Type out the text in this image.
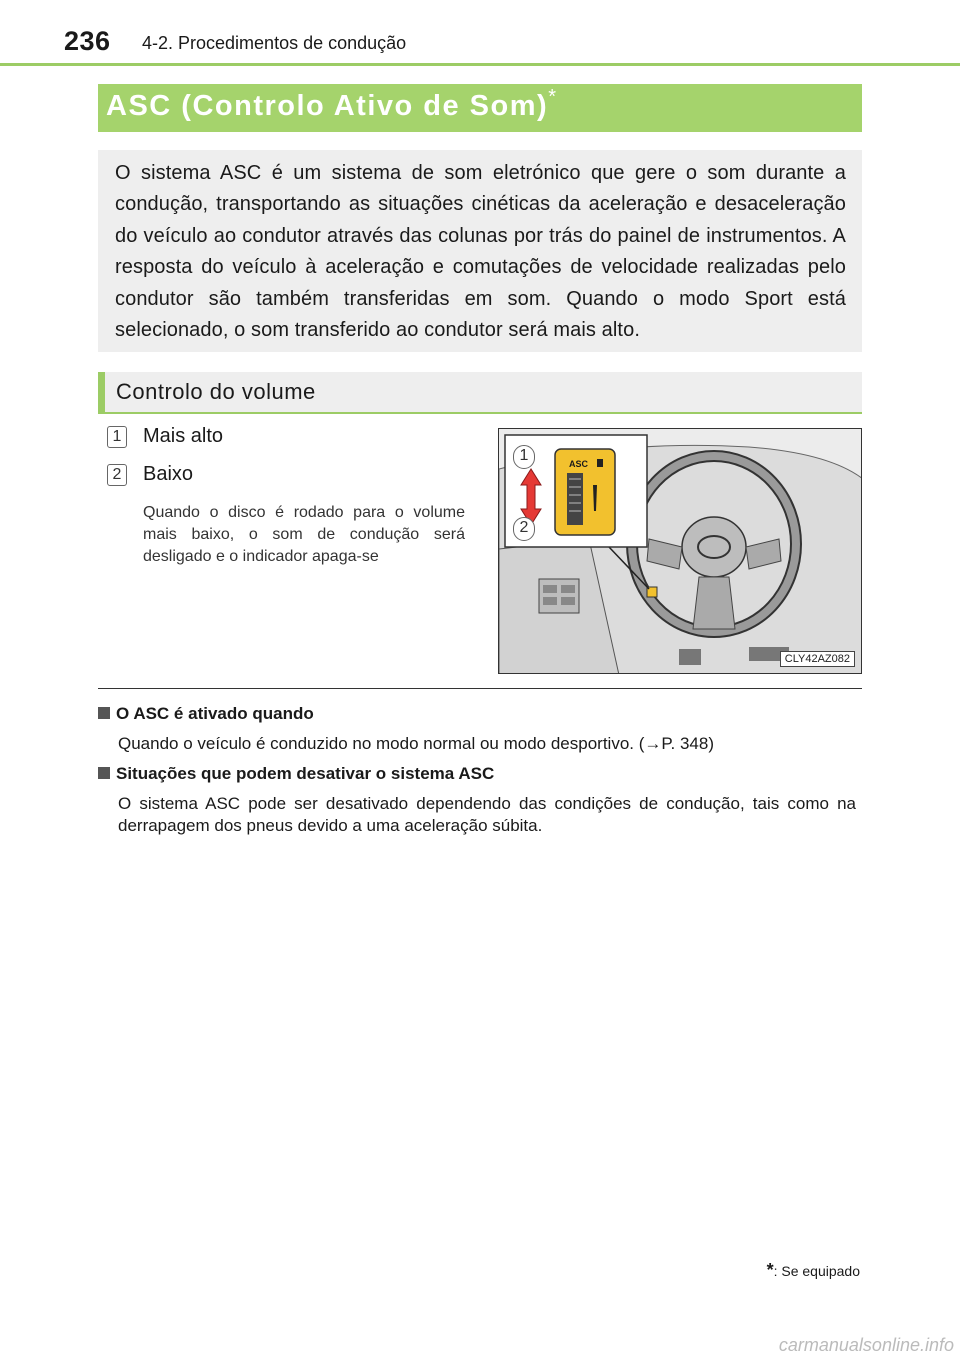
236 4-2. Procedimentos de condução
ASC (Controlo Ativo de Som)*

O sistema ASC é um sistema de som eletrónico que gere o som durante a condução, transportando as situações cinéticas da aceleração e desaceleração do veículo ao condutor através das colunas por trás do painel de instrumentos. A resposta do veículo à aceleração e comutações de velocidade realizadas pelo condutor são também transferidas em som. Quando o modo Sport está selecionado, o som transferido ao condutor será mais alto.

Controlo do volume
1 Mais alto
2 Baixo
Quando o disco é rodado para o volume mais baixo, o som de condução será desligado e o indicador apaga-se
1
2
ASC
CLY42AZ082
O ASC é ativado quando
Quando o veículo é conduzido no modo normal ou modo desportivo. (→P. 348)
Situações que podem desativar o sistema ASC
O sistema ASC pode ser desativado dependendo das condições de condução, tais como na derrapagem dos pneus devido a uma aceleração súbita.
*: Se equipado
carmanualsonline.info
